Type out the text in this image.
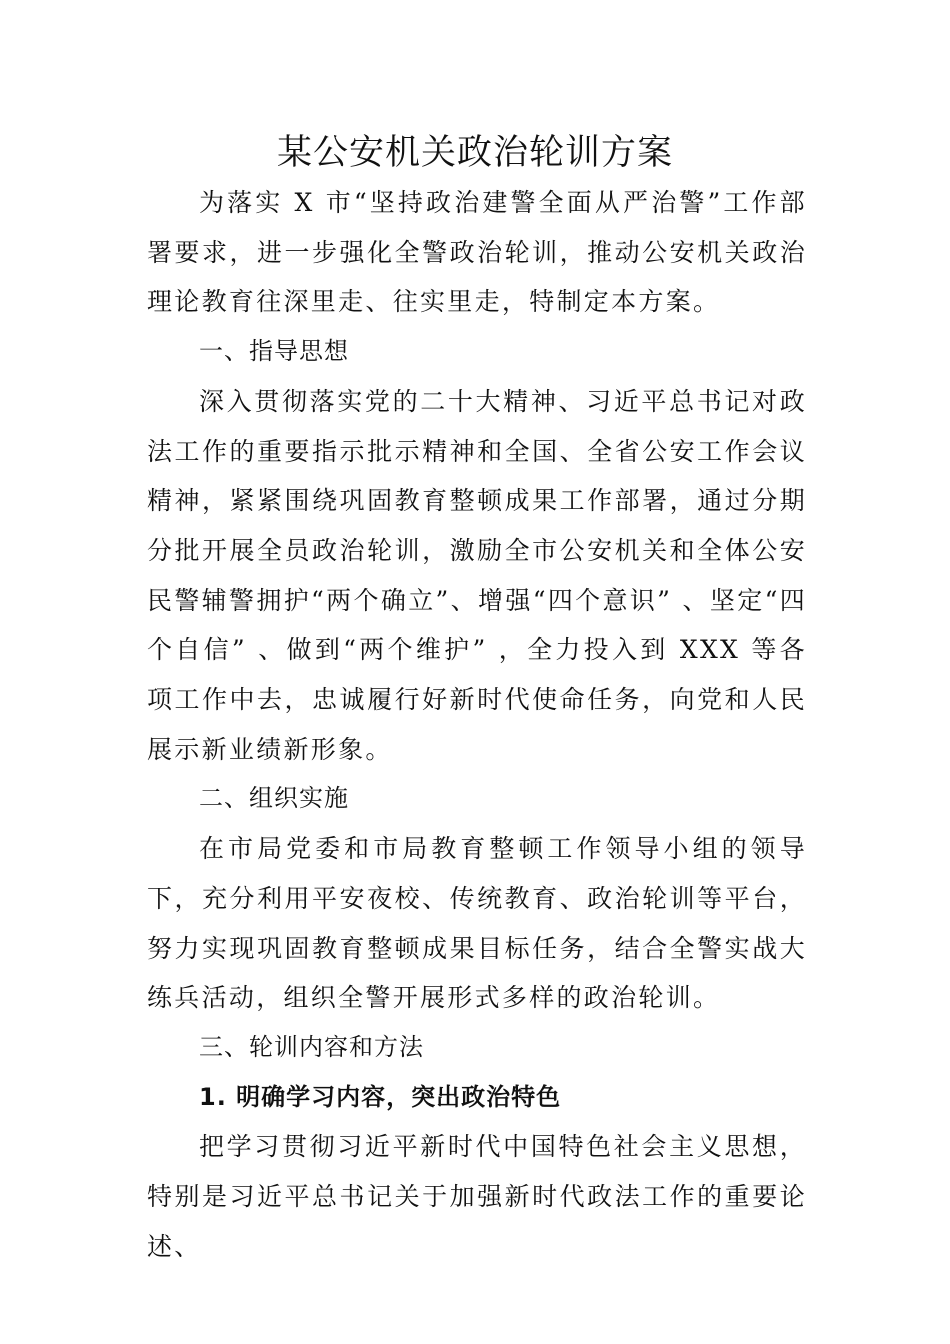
某公安机关政治轮训方案

为落实 X 市“坚持政治建警全面从严治警”工作部署要求，进一步强化全警政治轮训，推动公安机关政治理论教育往深里走、往实里走，特制定本方案。

一、指导思想

深入贯彻落实党的二十大精神、习近平总书记对政法工作的重要指示批示精神和全国、全省公安工作会议精神，紧紧围绕巩固教育整顿成果工作部署，通过分期分批开展全员政治轮训，激励全市公安机关和全体公安民警辅警拥护“两个确立”、增强“四个意识” 、坚定“四个自信” 、做到“两个维护” ，全力投入到 XXX 等各项工作中去，忠诚履行好新时代使命任务，向党和人民展示新业绩新形象。

二、组织实施

在市局党委和市局教育整顿工作领导小组的领导下，充分利用平安夜校、传统教育、政治轮训等平台，努力实现巩固教育整顿成果目标任务，结合全警实战大练兵活动，组织全警开展形式多样的政治轮训。

三、轮训内容和方法

1. 明确学习内容，突出政治特色

把学习贯彻习近平新时代中国特色社会主义思想，特别是习近平总书记关于加强新时代政法工作的重要论述、
